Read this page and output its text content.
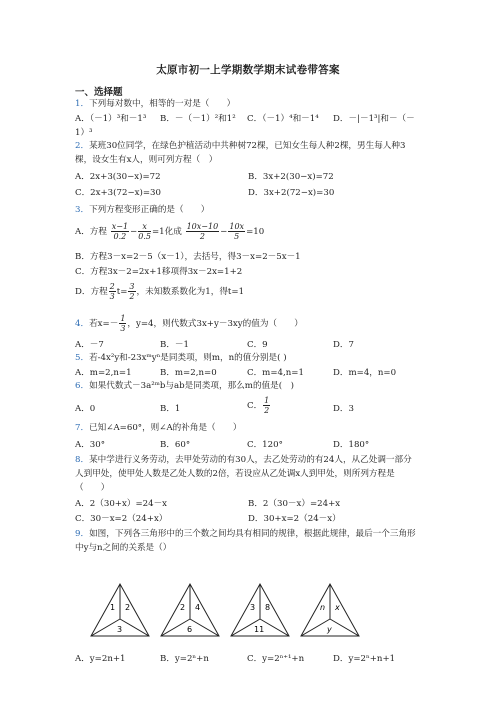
太原市初一上学期数学期末试卷带答案
一、选择题
1．下列每对数中，相等的一对是（　　）
A．（－1）³和－1³ B．－（－1）²和1² C．（－1）⁴和－1⁴ D．－|－1³|和－（－
1）³
2．某班30位同学，在绿色护植活动中共种树72棵，已知女生每人种2棵，男生每人种3
棵，设女生有x人，则可列方程（　）
A．2x+3(30−x)=72	B．3x+2(30−x)=72
C．2x+3(72−x)=30	D．3x+2(72−x)=30
3．下列方程变形正确的是（　　）
A．方程 $\frac{x-1}{0.2} - \frac{x}{0.5} =1$化成 $\frac{10x-10}{2} - \frac{10x}{5} =10$
B．方程3－x=2－5（x－1），去括号，得3－x=2－5x－1
C．方程3x－2=2x+1移项得3x－2x=1+2
D．方程 $\frac{2}{3} t= \frac{3}{2}$ ，未知数系数化为1，得t=1
4．若$x=- \frac{1}{3}$ ，y=4，则代数式3x+y－3xy的值为（　　）
A．－7	B．－1	C．9	D．7
5．若-4x²y和-23xᵐyⁿ是同类项，则m，n的值分别是( )
A．m=2,n=1	B．m=2,n=0	C．m=4,n=1	D．m=4，n=0
6．如果代数式－3a²ᵐb与ab是同类项，那么m的值是(　)
A．0	B．1	C． $\frac{1}{2}$	D．3
7．已知∠A=60°，则∠A的补角是（　　）
A．30°	B．60°	C．120°	D．180°
8．某中学进行义务劳动，去甲处劳动的有30人，去乙处劳动的有24人，从乙处调一部分
人到甲处，使甲处人数是乙处人数的2倍，若设应从乙处调x人到甲处，则所列方程是
（　　）
A．2（30+x）=24－x	B．2（30－x）=24+x
C．30－x=2（24+x）	D．30+x=2（24－x）
9．如图，下列各三角形中的三个数之间均具有相同的规律，根据此规律，最后一个三角形
中y与n之间的关系是（）
1 2
3
2 4
6
3 8
11
n x
y
A．y=2n+1	B．y=2ⁿ+n	C．y=2ⁿ⁺¹+n	D．y=2ⁿ+n+1
